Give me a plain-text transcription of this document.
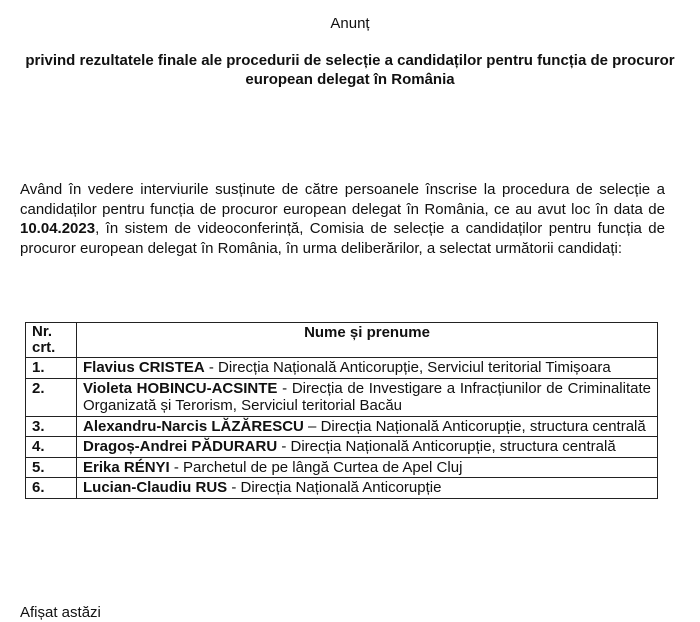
Anunț
privind rezultatele finale ale procedurii de selecție a candidaților pentru funcția de procuror european delegat în România

Având în vedere interviurile susținute de către persoanele înscrise la procedura de selecție a candidaților pentru funcția de procuror european delegat în România, ce au avut loc în data de 10.04.2023, în sistem de videoconferință, Comisia de selecție a candidaților pentru funcția de procuror european delegat în România, în urma deliberărilor, a selectat următorii candidați:

Nr. crt.	Nume și prenume
1.	Flavius CRISTEA - Direcția Națională Anticorupție, Serviciul teritorial Timișoara
2.	Violeta HOBINCU-ACSINTE - Direcția de Investigare a Infracțiunilor de Criminalitate Organizată și Terorism, Serviciul teritorial Bacău
3.	Alexandru-Narcis LĂZĂRESCU – Direcția Națională Anticorupție, structura centrală
4.	Dragoș-Andrei PĂDURARU - Direcția Națională Anticorupție, structura centrală
5.	Erika RÉNYI - Parchetul de pe lângă Curtea de Apel Cluj
6.	Lucian-Claudiu RUS - Direcția Națională Anticorupție
Afișat astăzi
